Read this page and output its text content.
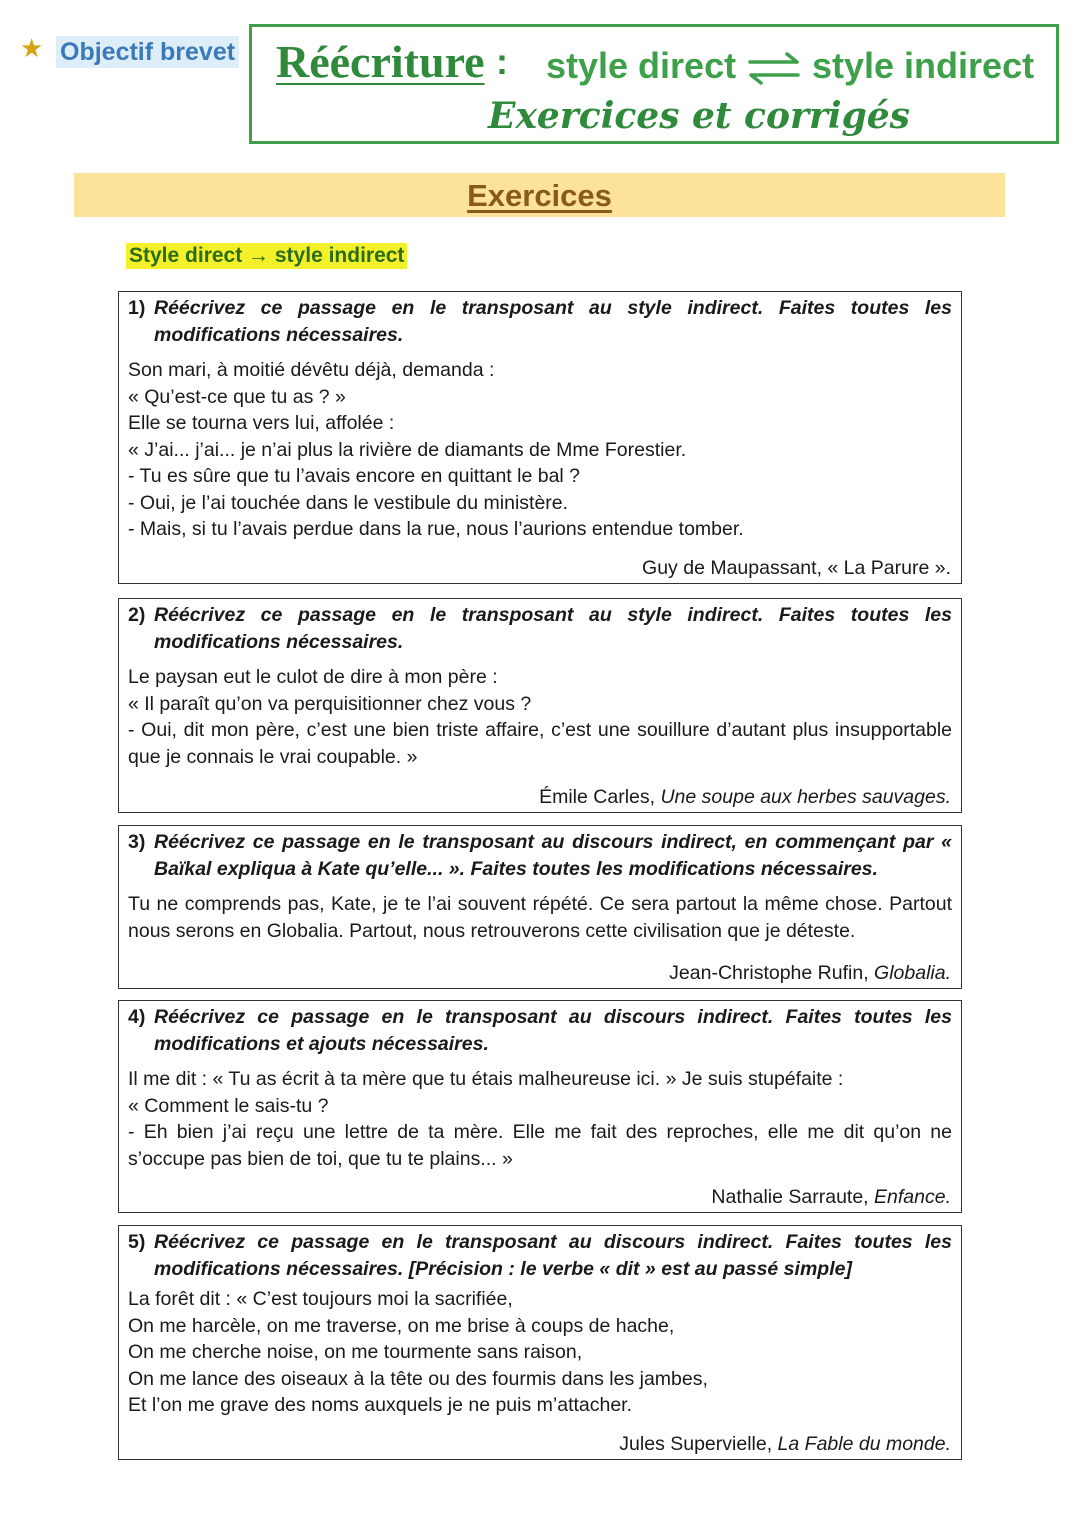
★ Objectif brevet Réécriture : style direct style indirect
Exercices et corrigés
Exercices
Style direct → style indirect
1) Réécrivez ce passage en le transposant au style indirect. Faites toutes les modifications nécessaires.
Son mari, à moitié dévêtu déjà, demanda :
« Qu’est-ce que tu as ? »
Elle se tourna vers lui, affolée :
« J’ai... j’ai... je n’ai plus la rivière de diamants de Mme Forestier.
- Tu es sûre que tu l’avais encore en quittant le bal ?
- Oui, je l’ai touchée dans le vestibule du ministère.
- Mais, si tu l’avais perdue dans la rue, nous l’aurions entendue tomber.
Guy de Maupassant, « La Parure ».
2) Réécrivez ce passage en le transposant au style indirect. Faites toutes les modifications nécessaires.
Le paysan eut le culot de dire à mon père :
« Il paraît qu’on va perquisitionner chez vous ?
- Oui, dit mon père, c’est une bien triste affaire, c’est une souillure d’autant plus insupportable que je connais le vrai coupable. »
Émile Carles, Une soupe aux herbes sauvages.
3) Réécrivez ce passage en le transposant au discours indirect, en commençant par « Baïkal expliqua à Kate qu’elle... ». Faites toutes les modifications nécessaires.
Tu ne comprends pas, Kate, je te l’ai souvent répété. Ce sera partout la même chose. Partout nous serons en Globalia. Partout, nous retrouverons cette civilisation que je déteste.
Jean-Christophe Rufin, Globalia.
4) Réécrivez ce passage en le transposant au discours indirect. Faites toutes les modifications et ajouts nécessaires.
Il me dit : « Tu as écrit à ta mère que tu étais malheureuse ici. » Je suis stupéfaite :
« Comment le sais-tu ?
- Eh bien j’ai reçu une lettre de ta mère. Elle me fait des reproches, elle me dit qu’on ne s’occupe pas bien de toi, que tu te plains... »
Nathalie Sarraute, Enfance.
5) Réécrivez ce passage en le transposant au discours indirect. Faites toutes les modifications nécessaires. [Précision : le verbe « dit » est au passé simple]
La forêt dit : « C’est toujours moi la sacrifiée,
On me harcèle, on me traverse, on me brise à coups de hache,
On me cherche noise, on me tourmente sans raison,
On me lance des oiseaux à la tête ou des fourmis dans les jambes,
Et l’on me grave des noms auxquels je ne puis m’attacher.
Jules Supervielle, La Fable du monde.
